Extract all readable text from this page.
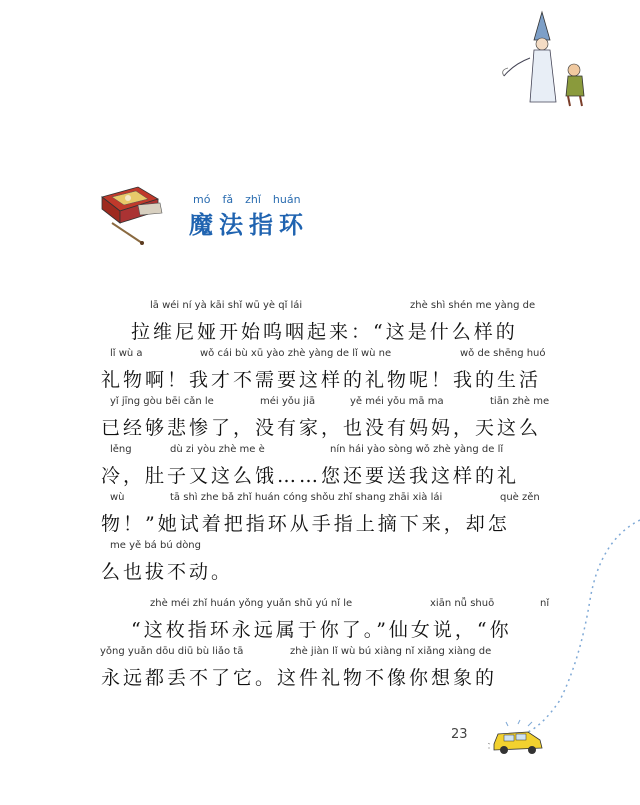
mó fǎ zhǐ huán
魔法指环
lā wéi ní yà kāi shǐ wū yè qǐ lái	zhè shì shén me yàng de
拉维尼娅开始呜咽起来：“这是什么样的
lǐ wù a	wǒ cái bù xū yào zhè yàng de lǐ wù ne	wǒ de shēng huó
礼物啊！我才不需要这样的礼物呢！我的生活
yǐ jīng gòu bēi cǎn le	méi yǒu jiā	yě méi yǒu mā ma	tiān zhè me
已经够悲惨了，没有家，也没有妈妈，天这么
lěng	dù zi yòu zhè me è	nín hái yào sòng wǒ zhè yàng de lǐ
冷，肚子又这么饿……您还要送我这样的礼
wù	tā shì zhe bǎ zhǐ huán cóng shǒu zhǐ shang zhāi xià lái	què zěn
物！”她试着把指环从手指上摘下来，却怎
me yě bá bú dòng
么也拔不动。
zhè méi zhǐ huán yǒng yuǎn shǔ yú nǐ le	xiān nǚ shuō	nǐ
“这枚指环永远属于你了。”仙女说，“你
yǒng yuǎn dōu diū bù liǎo tā	zhè jiàn lǐ wù bú xiàng nǐ xiǎng xiàng de
永远都丢不了它。这件礼物不像你想象的
23
